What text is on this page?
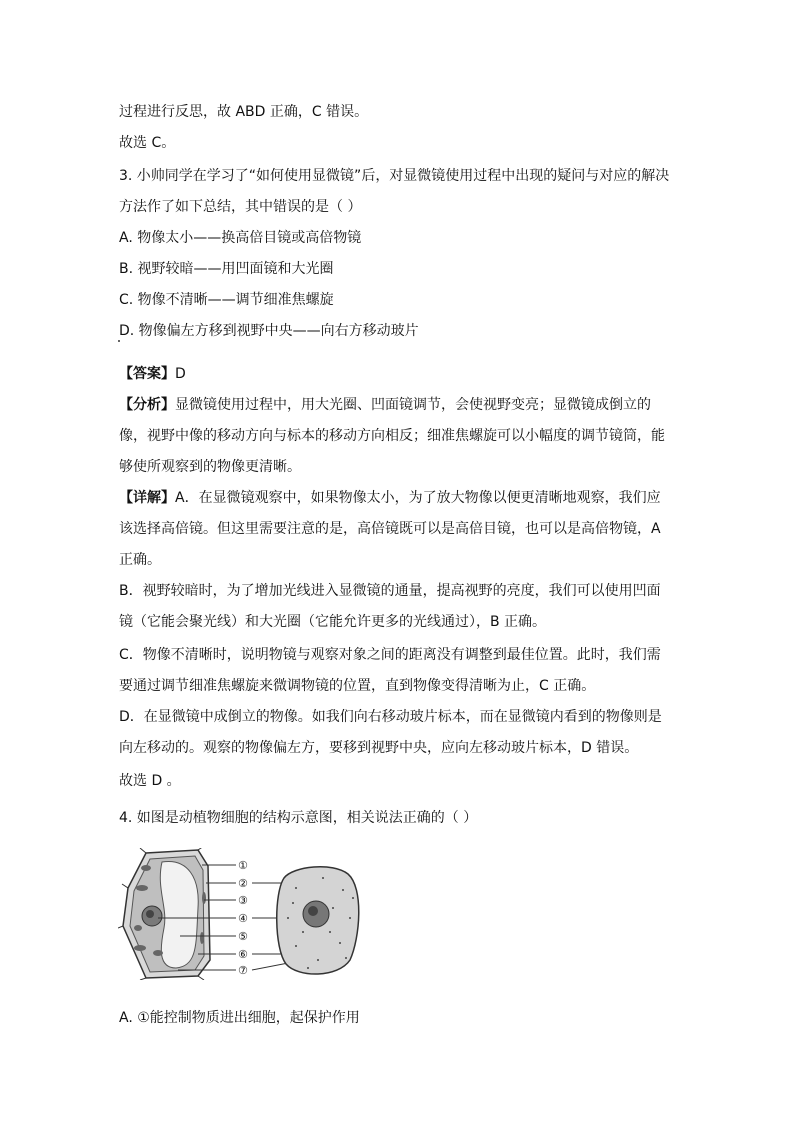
过程进行反思，故 ABD 正确，C 错误。
故选 C。
3. 小帅同学在学习了“如何使用显微镜”后，对显微镜使用过程中出现的疑问与对应的解决
方法作了如下总结，其中错误的是（ ）
A. 物像太小——换高倍目镜或高倍物镜
B. 视野较暗——用凹面镜和大光圈
C. 物像不清晰——调节细准焦螺旋
D. 物像偏左方移到视野中央——向右方移动玻片
【答案】D
【分析】显微镜使用过程中，用大光圈、凹面镜调节，会使视野变亮；显微镜成倒立的
像，视野中像的移动方向与标本的移动方向相反；细准焦螺旋可以小幅度的调节镜筒，能
够使所观察到的物像更清晰。
【详解】A．在显微镜观察中，如果物像太小，为了放大物像以便更清晰地观察，我们应
该选择高倍镜。但这里需要注意的是，高倍镜既可以是高倍目镜，也可以是高倍物镜，A
正确。
B．视野较暗时，为了增加光线进入显微镜的通量，提高视野的亮度，我们可以使用凹面
镜（它能会聚光线）和大光圈（它能允许更多的光线通过），B 正确。
C．物像不清晰时，说明物镜与观察对象之间的距离没有调整到最佳位置。此时，我们需
要通过调节细准焦螺旋来微调物镜的位置，直到物像变得清晰为止，C 正确。
D．在显微镜中成倒立的物像。如我们向右移动玻片标本，而在显微镜内看到的物像则是
向左移动的。观察的物像偏左方，要移到视野中央，应向左移动玻片标本，D 错误。
故选 D 。
4. 如图是动植物细胞的结构示意图，相关说法正确的（ ）
①
②
③
④
⑤
⑥
⑦
A. ①能控制物质进出细胞，起保护作用
